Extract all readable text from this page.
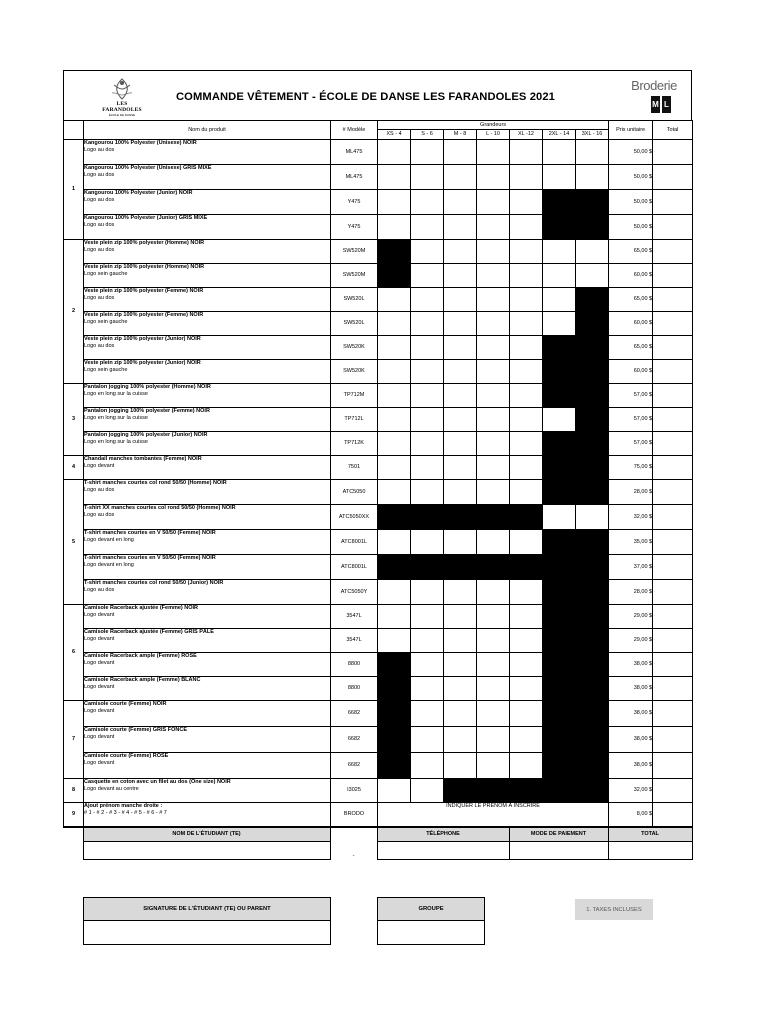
LES FARANDOLES
ÉCOLE DE DANSE
COMMANDE VÊTEMENT - ÉCOLE DE DANSE LES FARANDOLES 2021
Broderie
M L
	Nom du produit	# Modèle	Grandeurs							Prix unitaire	Total
			XS - 4	S - 6	M - 8	L - 10	XL -12	2XL - 14	3XL - 16		
1	Kangourou 100% Polyester (Unisexe) NOIR
Logo au dos	ML475								50,00 $	

	Kangourou 100% Polyester (Unisexe) GRIS MIXE
Logo au dos	ML475								50,00 $	

	Kangourou 100% Polyester (Junior) NOIR
Logo au dos	Y475								50,00 $	

	Kangourou 100% Polyester (Junior) GRIS MIXE
Logo au dos	Y475								50,00 $	
2	Veste plein zip 100% polyester (Homme) NOIR
Logo au dos	SW520M								65,00 $	

	Veste plein zip 100% polyester (Homme) NOIR
Logo sein gauche	SW520M								60,00 $	

	Veste plein zip 100% polyester (Femme) NOIR
Logo au dos	SW520L								65,00 $	

	Veste plein zip 100% polyester (Femme) NOIR
Logo sein gauche	SW520L								60,00 $	

	Veste plein zip 100% polyester (Junior) NOIR
Logo au dos	SW520K								65,00 $	

	Veste plein zip 100% polyester (Junior) NOIR
Logo sein gauche	SW520K								60,00 $	
3	Pantalon jogging 100% polyester (Homme) NOIR
Logo en long sur la cuisse	TP712M								57,00 $	

	Pantalon jogging 100% polyester (Femme) NOIR
Logo en long sur la cuisse	TP712L								57,00 $	

	Pantalon jogging 100% polyester (Junior) NOIR
Logo en long sur la cuisse	TP712K								57,00 $	
4	Chandail manches tombantes (Femme) NOIR
Logo devant	7501								75,00 $	
5	T-shirt manches courtes col rond 50/50 (Homme) NOIR
Logo au dos	ATC5050								28,00 $	

	T-shirt XX manches courtes col rond 50/50 (Homme) NOIR
Logo au dos	ATC5050XX								32,00 $	

	T-shirt manches courtes en V 50/50 (Femme) NOIR
Logo devant en long	ATC8001L								35,00 $	

	T-shirt manches courtes en V 50/50 (Femme) NOIR
Logo devant en long	ATC8001L								37,00 $	

	T-shirt manches courtes col rond 50/50 (Junior) NOIR
Logo au dos	ATC5050Y								28,00 $	
6	Camisole Racerback ajustée (Femme) NOIR
Logo devant	3547L								29,00 $	

	Camisole Racerback ajustée (Femme) GRIS PÂLE
Logo devant	3547L								29,00 $	

	Camisole Racerback ample (Femme) ROSE
Logo devant	8800								38,00 $	

	Camisole Racerback ample (Femme) BLANC
Logo devant	8800								38,00 $	
7	Camisole courte (Femme) NOIR
Logo devant	6682								38,00 $	

	Camisole courte (Femme) GRIS FONCÉ
Logo devant	6682								38,00 $	

	Camisole courte (Femme) ROSE
Logo devant	6682								38,00 $	
8	Casquette en coton avec un filet au dos (One size) NOIR
Logo devant au centre	I3025								32,00 $	
9	Ajout prénom manche droite :
# 1 - # 2 - # 3 - # 4 - # 5 - # 6 - # 7	BRODO	INDIQUER LE PRÉNOM À INSCRIRE							8,00 $	
	NOM DE L'ÉTUDIANT (TE)		TÉLÉPHONE	MODE DE PAIEMENT	TOTAL
		-			
SIGNATURE DE L'ÉTUDIANT (TE) OU PARENT	GROUPE	1. TAXES INCLUSES
